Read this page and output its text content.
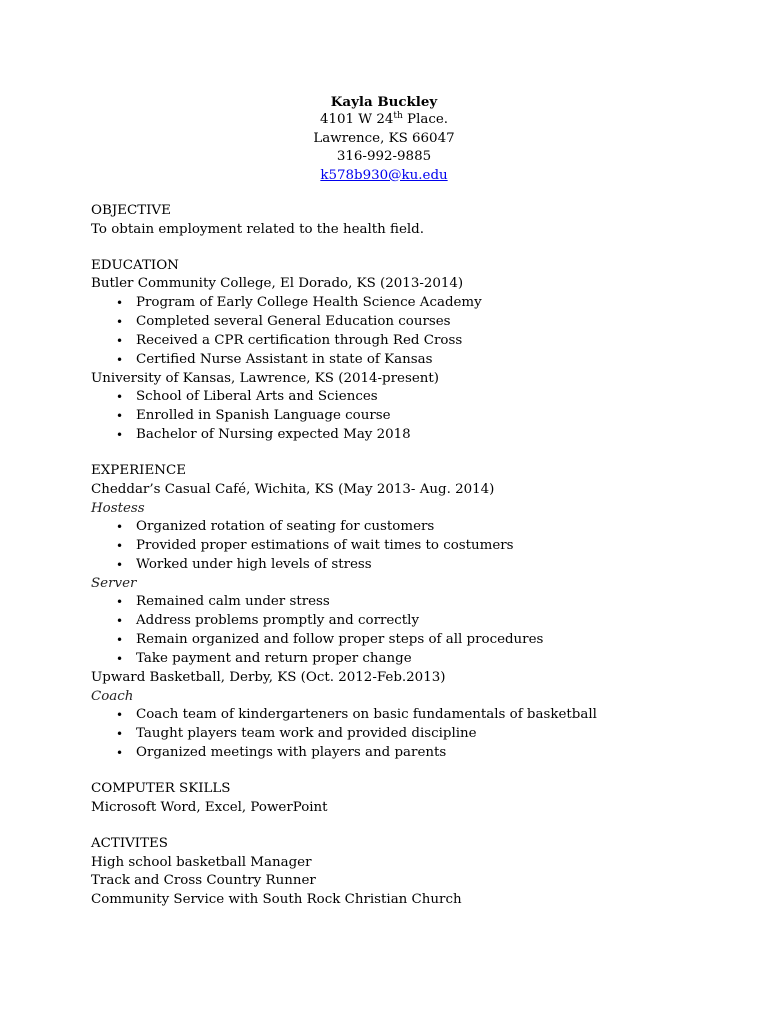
Kayla Buckley
4101 W 24th Place.
Lawrence, KS 66047
316-992-9885
k578b930@ku.edu
OBJECTIVE
To obtain employment related to the health field.
EDUCATION
Butler Community College, El Dorado, KS (2013-2014)
• Program of Early College Health Science Academy
• Completed several General Education courses
• Received a CPR certification through Red Cross
• Certified Nurse Assistant in state of Kansas
University of Kansas, Lawrence, KS (2014-present)
• School of Liberal Arts and Sciences
• Enrolled in Spanish Language course
• Bachelor of Nursing expected May 2018
EXPERIENCE
Cheddar’s Casual Café, Wichita, KS (May 2013- Aug. 2014)
Hostess
• Organized rotation of seating for customers
• Provided proper estimations of wait times to costumers
• Worked under high levels of stress
Server
• Remained calm under stress
• Address problems promptly and correctly
• Remain organized and follow proper steps of all procedures
• Take payment and return proper change
Upward Basketball, Derby, KS (Oct. 2012-Feb.2013)
Coach
• Coach team of kindergarteners on basic fundamentals of basketball
• Taught players team work and provided discipline
• Organized meetings with players and parents
COMPUTER SKILLS
Microsoft Word, Excel, PowerPoint
ACTIVITES
High school basketball Manager
Track and Cross Country Runner
Community Service with South Rock Christian Church
